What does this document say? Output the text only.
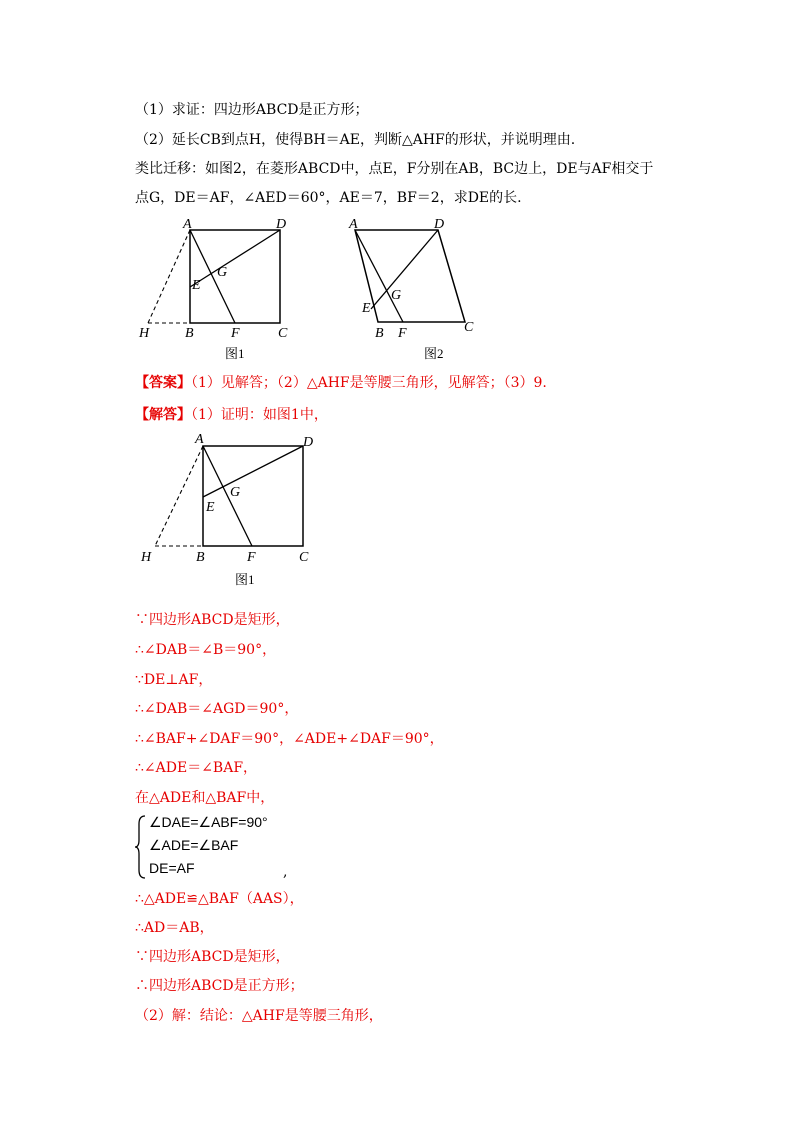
（1）求证：四边形ABCD是正方形；
（2）延长CB到点H，使得BH＝AE，判断△AHF的形状，并说明理由.
类比迁移：如图2，在菱形ABCD中，点E，F分别在AB，BC边上，DE与AF相交于
点G，DE＝AF，∠AED＝60°，AE＝7，BF＝2，求DE的长.
A	D
E
G
H	B	F	C
图1
A	D
E
G
B F	C
图2
【答案】（1）见解答；（2）△AHF是等腰三角形，见解答；（3）9.
【解答】（1）证明：如图1中，
A	D
E
G
H	B	F	C
图1
∵四边形ABCD是矩形，
∴∠DAB＝∠B＝90°，
∵DE⊥AF，
∴∠DAB＝∠AGD＝90°，
∴∠BAF+∠DAF＝90°，∠ADE+∠DAF＝90°，
∴∠ADE＝∠BAF，
在△ADE和△BAF中，
∠DAE=∠ABF=90°
∠ADE=∠BAF
DE=AF	,
∴△ADE≌△BAF（AAS），
∴AD＝AB，
∵四边形ABCD是矩形，
∴四边形ABCD是正方形；
（2）解：结论：△AHF是等腰三角形，
